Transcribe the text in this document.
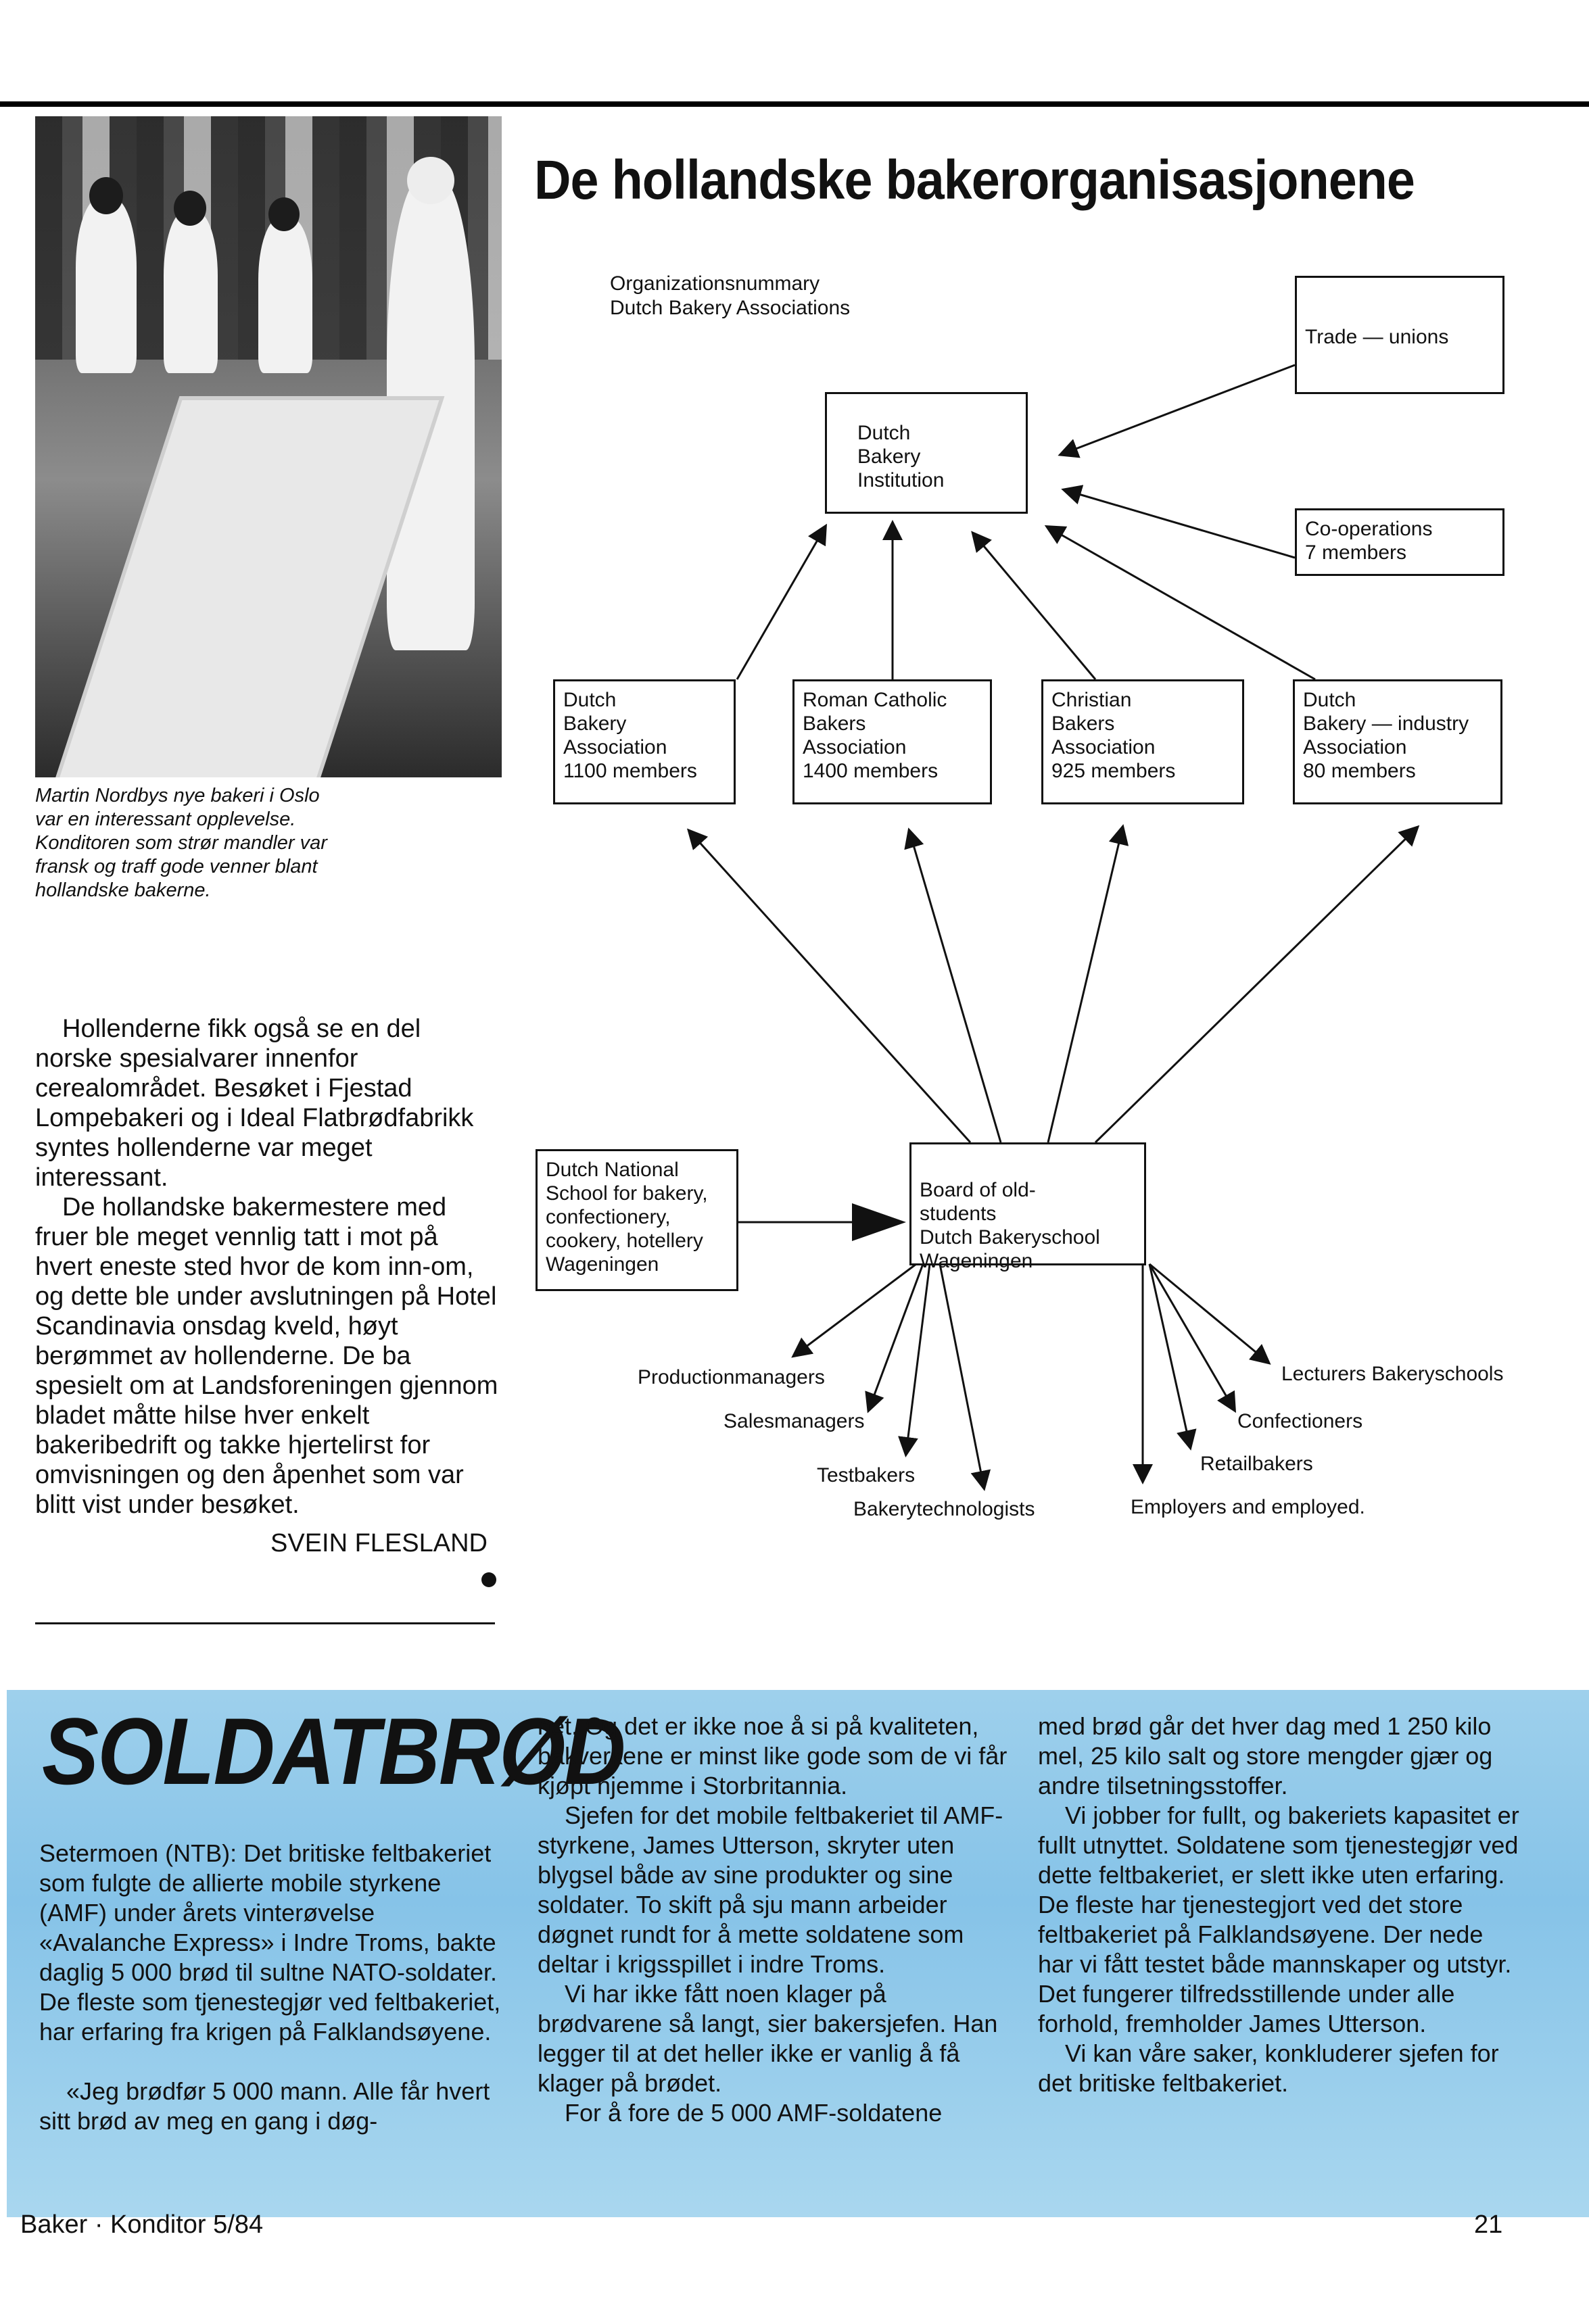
Martin Nordbys nye bakeri i Oslo
var en interessant opplevelse.
Konditoren som strør mandler var
fransk og traff gode venner blant
hollandske bakerne.
De hollandske bakerorganisasjonene
Organizationsnummary
Dutch Bakery Associations
Trade — unions
Dutch
Bakery
Institution
Co-operations
7 members
Dutch
Bakery
Association
1100 members
Roman Catholic
Bakers
Association
1400 members
Christian
Bakers
Association
925 members
Dutch
Bakery — industry
Association
80 members
Dutch National
School for bakery,
confectionery,
cookery, hotellery
Wageningen
Board of old-
students
Dutch Bakeryschool
Wageningen
Productionmanagers
Salesmanagers
Testbakers
Bakerytechnologists
Lecturers Bakeryschools
Confectioners
Retailbakers
Employers and employed.

Hollenderne fikk også se en del norske spesialvarer innenfor cerealområdet. Besøket i Fjestad Lompebakeri og i Ideal Flatbrødfabrikk syntes hollenderne var meget interessant.

De hollandske bakermestere med fruer ble meget vennlig tatt i mot på hvert eneste sted hvor de kom inn-om, og dette ble under avslutningen på Hotel Scandinavia onsdag kveld, høyt berømmet av hollenderne. De ba spesielt om at Landsforeningen gjennom bladet måtte hilse hver enkelt bakeribedrift og takke hjertelігst for omvisningen og den åpenhet som var blitt vist under besøket.

SVEIN FLESLAND
SOLDATBRØD

Setermoen (NTB): Det britiske feltbakeriet som fulgte de allierte mobile styrkene (AMF) under årets vinterøvelse «Avalanche Express» i Indre Troms, bakte daglig 5 000 brød til sultne NATO-soldater. De fleste som tjenestegjør ved feltbakeriet, har erfaring fra krigen på Falklandsøyene.

«Jeg brødfør 5 000 mann. Alle får hvert sitt brød av meg en gang i døg-

net. Og det er ikke noe å si på kvaliteten, bakverkene er minst like gode som de vi får kjøpt hjemme i Storbritannia.

Sjefen for det mobile feltbakeriet til AMF-styrkene, James Utterson, skryter uten blygsel både av sine produkter og sine soldater. To skift på sju mann arbeider døgnet rundt for å mette soldatene som deltar i krigsspillet i indre Troms.

Vi har ikke fått noen klager på brødvarene så langt, sier bakersjefen. Han legger til at det heller ikke er vanlig å få klager på brødet.

For å fore de 5 000 AMF-soldatene

med brød går det hver dag med 1 250 kilo mel, 25 kilo salt og store mengder gjær og andre tilsetningsstoffer.

Vi jobber for fullt, og bakeriets kapasitet er fullt utnyttet. Soldatene som tjenestegjør ved dette feltbakeriet, er slett ikke uten erfaring. De fleste har tjenestegjort ved det store feltbakeriet på Falklandsøyene. Der nede har vi fått testet både mannskaper og utstyr. Det fungerer tilfredsstillende under alle forhold, fremholder James Utterson.

Vi kan våre saker, konkluderer sjefen for det britiske feltbakeriet.

Baker · Konditor 5/84	21
